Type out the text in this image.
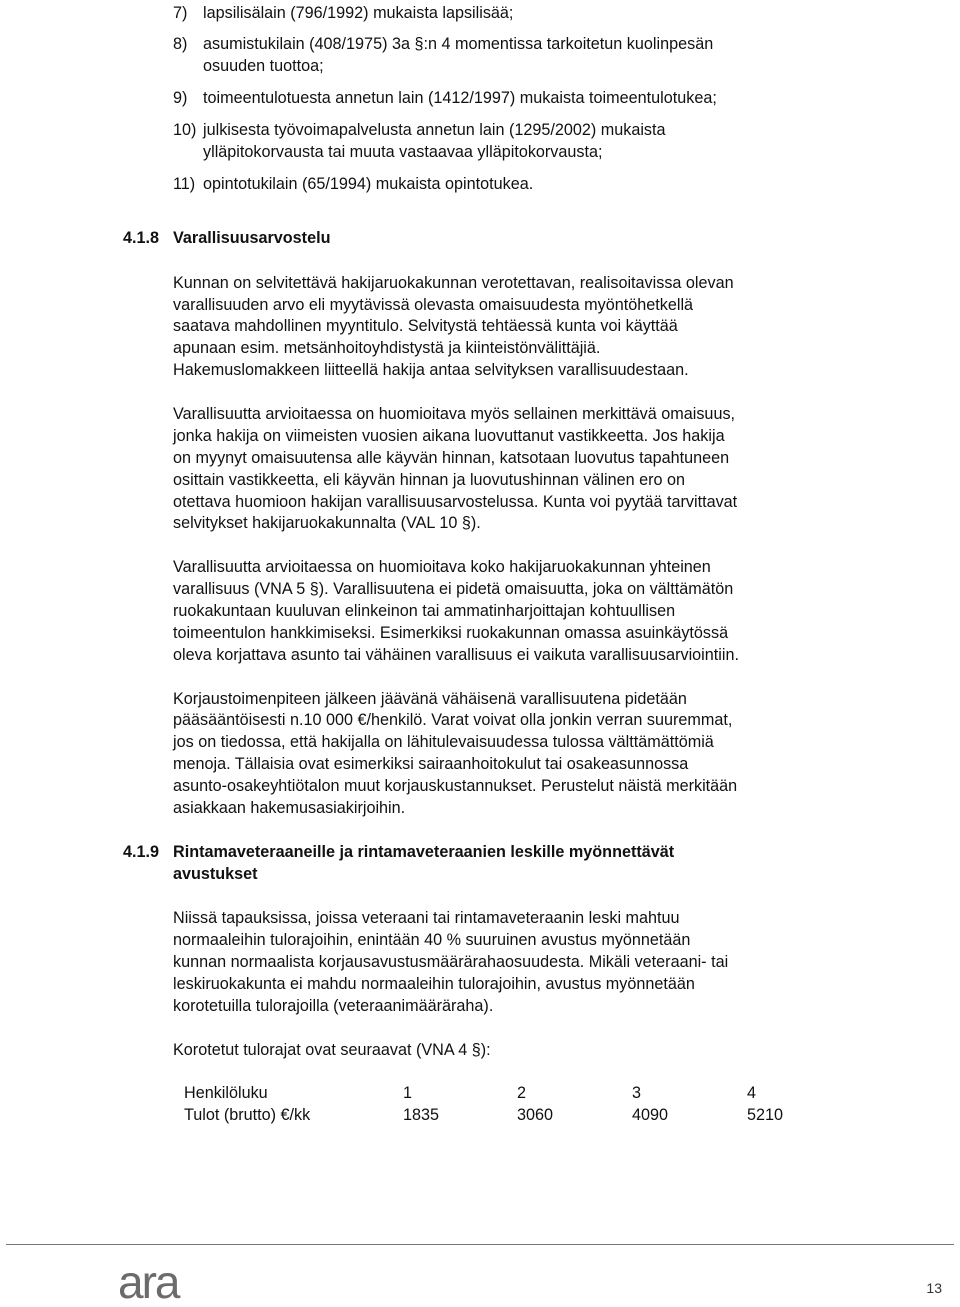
7) lapsilisälain (796/1992) mukaista lapsilisää;
8) asumistukilain (408/1975) 3a §:n 4 momentissa tarkoitetun kuolinpesän
osuuden tuottoa;
9) toimeentulotuesta annetun lain (1412/1997) mukaista toimeentulotukea;
10) julkisesta työvoimapalvelusta annetun lain (1295/2002) mukaista
ylläpitokorvausta tai muuta vastaavaa ylläpitokorvausta;
11) opintotukilain (65/1994) mukaista opintotukea.
4.1.8 Varallisuusarvostelu
Kunnan on selvitettävä hakijaruokakunnan verotettavan, realisoitavissa olevan
varallisuuden arvo eli myytävissä olevasta omaisuudesta myöntöhetkellä
saatava mahdollinen myyntitulo. Selvitystä tehtäessä kunta voi käyttää
apunaan esim. metsänhoitoyhdistystä ja kiinteistönvälittäjiä.
Hakemuslomakkeen liitteellä hakija antaa selvityksen varallisuudestaan.
Varallisuutta arvioitaessa on huomioitava myös sellainen merkittävä omaisuus,
jonka hakija on viimeisten vuosien aikana luovuttanut vastikkeetta. Jos hakija
on myynyt omaisuutensa alle käyvän hinnan, katsotaan luovutus tapahtuneen
osittain vastikkeetta, eli käyvän hinnan ja luovutushinnan välinen ero on
otettava huomioon hakijan varallisuusarvostelussa. Kunta voi pyytää tarvittavat
selvitykset hakijaruokakunnalta (VAL 10 §).
Varallisuutta arvioitaessa on huomioitava koko hakijaruokakunnan yhteinen
varallisuus (VNA 5 §). Varallisuutena ei pidetä omaisuutta, joka on välttämätön
ruokakuntaan kuuluvan elinkeinon tai ammatinharjoittajan kohtuullisen
toimeentulon hankkimiseksi. Esimerkiksi ruokakunnan omassa asuinkäytössä
oleva korjattava asunto tai vähäinen varallisuus ei vaikuta varallisuusarviointiin.
Korjaustoimenpiteen jälkeen jäävänä vähäisenä varallisuutena pidetään
pääsääntöisesti n.10 000 €/henkilö. Varat voivat olla jonkin verran suuremmat,
jos on tiedossa, että hakijalla on lähitulevaisuudessa tulossa välttämättömiä
menoja. Tällaisia ovat esimerkiksi sairaanhoitokulut tai osakeasunnossa
asunto-osakeyhtiötalon muut korjauskustannukset. Perustelut näistä merkitään
asiakkaan hakemusasiakirjoihin.
4.1.9 Rintamaveteraaneille ja rintamaveteraanien leskille myönnettävät
avustukset
Niissä tapauksissa, joissa veteraani tai rintamaveteraanin leski mahtuu
normaaleihin tulorajoihin, enintään 40 % suuruinen avustus myönnetään
kunnan normaalista korjausavustusmäärärahaosuudesta. Mikäli veteraani- tai
leskiruokakunta ei mahdu normaaleihin tulorajoihin, avustus myönnetään
korotetuilla tulorajoilla (veteraanimääräraha).
Korotetut tulorajat ovat seuraavat (VNA 4 §):
Henkilöluku	1	2	3	4
Tulot (brutto) €/kk	1835	3060	4090	5210
ara	13
